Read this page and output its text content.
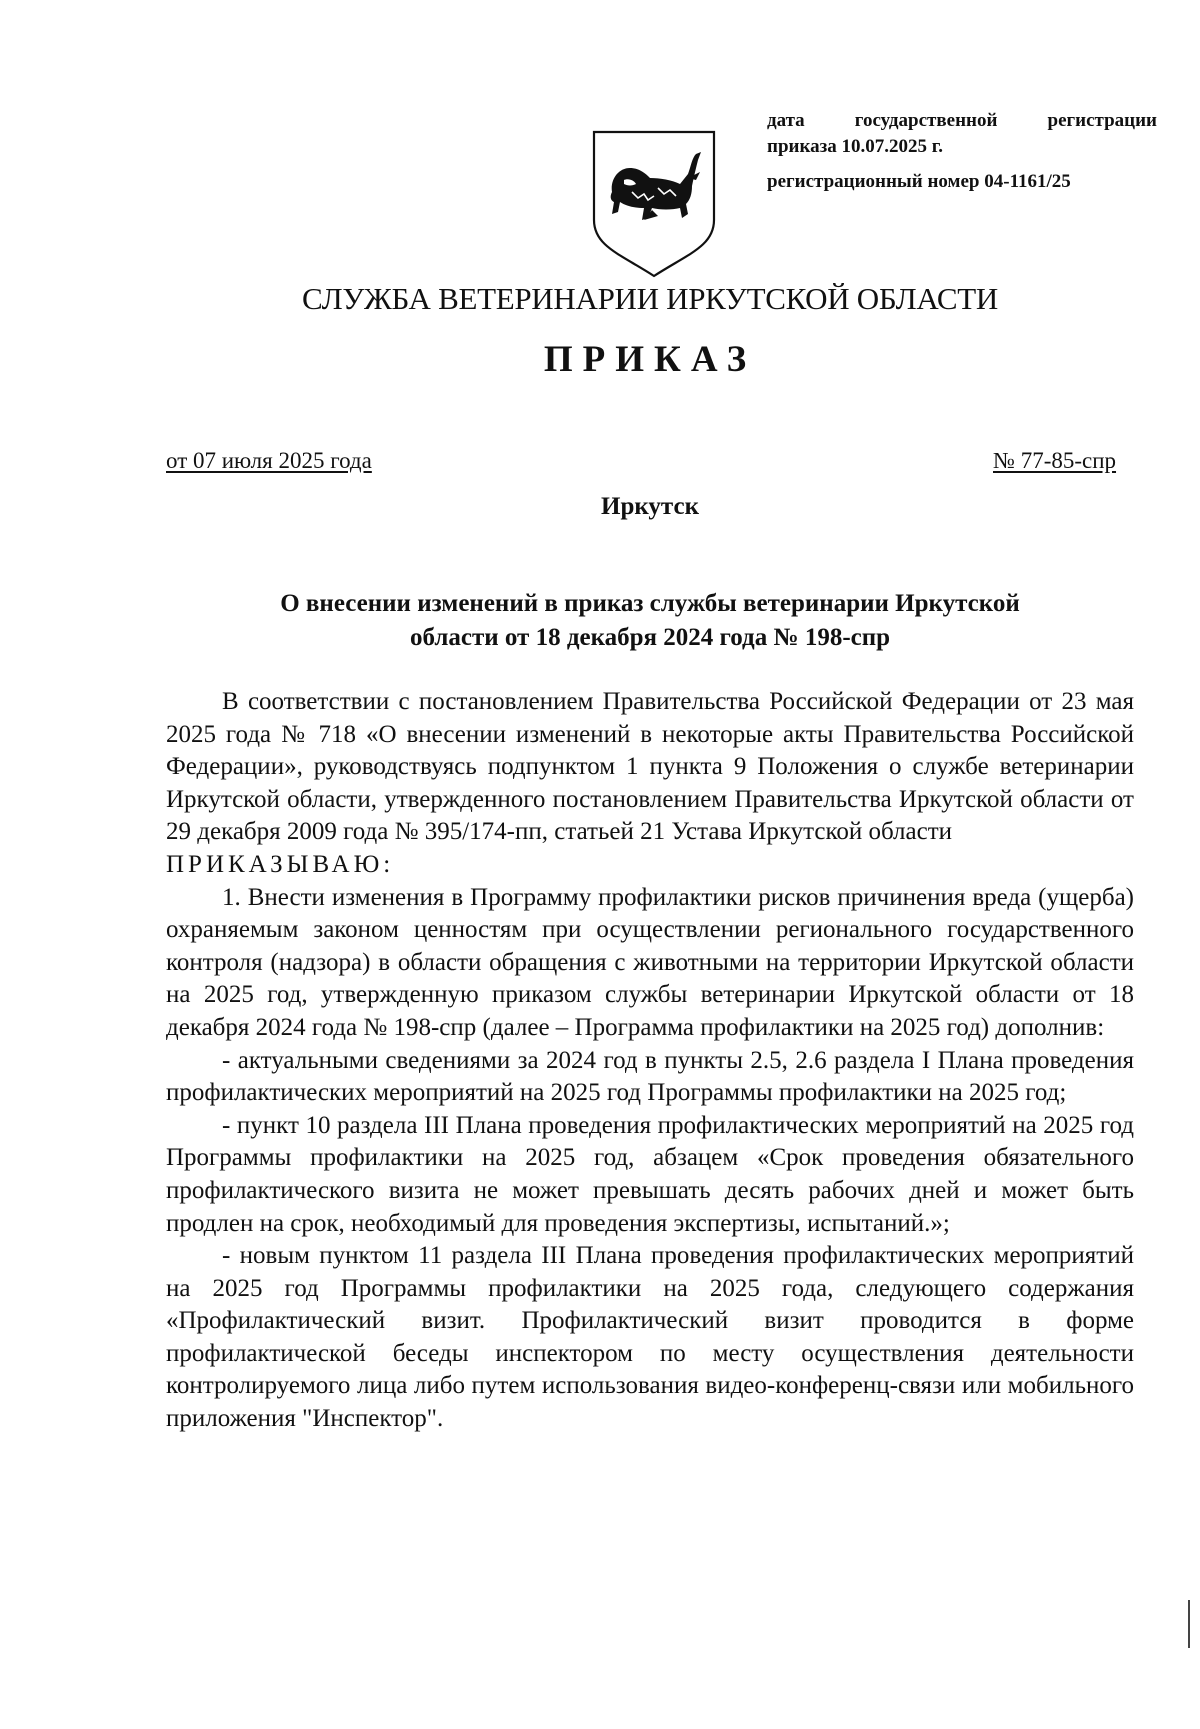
дата государственной регистрации
приказа 10.07.2025 г.
регистрационный номер 04-1161/25
СЛУЖБА ВЕТЕРИНАРИИ ИРКУТСКОЙ ОБЛАСТИ
ПРИКАЗ
от 07 июля 2025 года	№ 77-85-спр
Иркутск
О внесении изменений в приказ службы ветеринарии Иркутской
области от 18 декабря 2024 года № 198-спр

В соответствии с постановлением Правительства Российской Федерации от 23 мая 2025 года № 718 «О внесении изменений в некоторые акты Правительства Российской Федерации», руководствуясь подпунктом 1 пункта 9 Положения о службе ветеринарии Иркутской области, утвержденного постановлением Правительства Иркутской области от 29 декабря 2009 года № 395/174-пп, статьей 21 Устава Иркутской области

ПРИКАЗЫВАЮ:

1. Внести изменения в Программу профилактики рисков причинения вреда (ущерба) охраняемым законом ценностям при осуществлении регионального государственного контроля (надзора) в области обращения с животными на территории Иркутской области на 2025 год, утвержденную приказом службы ветеринарии Иркутской области от 18 декабря 2024 года № 198-спр (далее – Программа профилактики на 2025 год) дополнив:

- актуальными сведениями за 2024 год в пункты 2.5, 2.6 раздела I Плана проведения профилактических мероприятий на 2025 год Программы профилактики на 2025 год;

- пункт 10 раздела III Плана проведения профилактических мероприятий на 2025 год Программы профилактики на 2025 год, абзацем «Срок проведения обязательного профилактического визита не может превышать десять рабочих дней и может быть продлен на срок, необходимый для проведения экспертизы, испытаний.»;

- новым пунктом 11 раздела III Плана проведения профилактических мероприятий на 2025 год Программы профилактики на 2025 года, следующего содержания «Профилактический визит. Профилактический визит проводится в форме профилактической беседы инспектором по месту осуществления деятельности контролируемого лица либо путем использования видео-конференц-связи или мобильного приложения "Инспектор".
